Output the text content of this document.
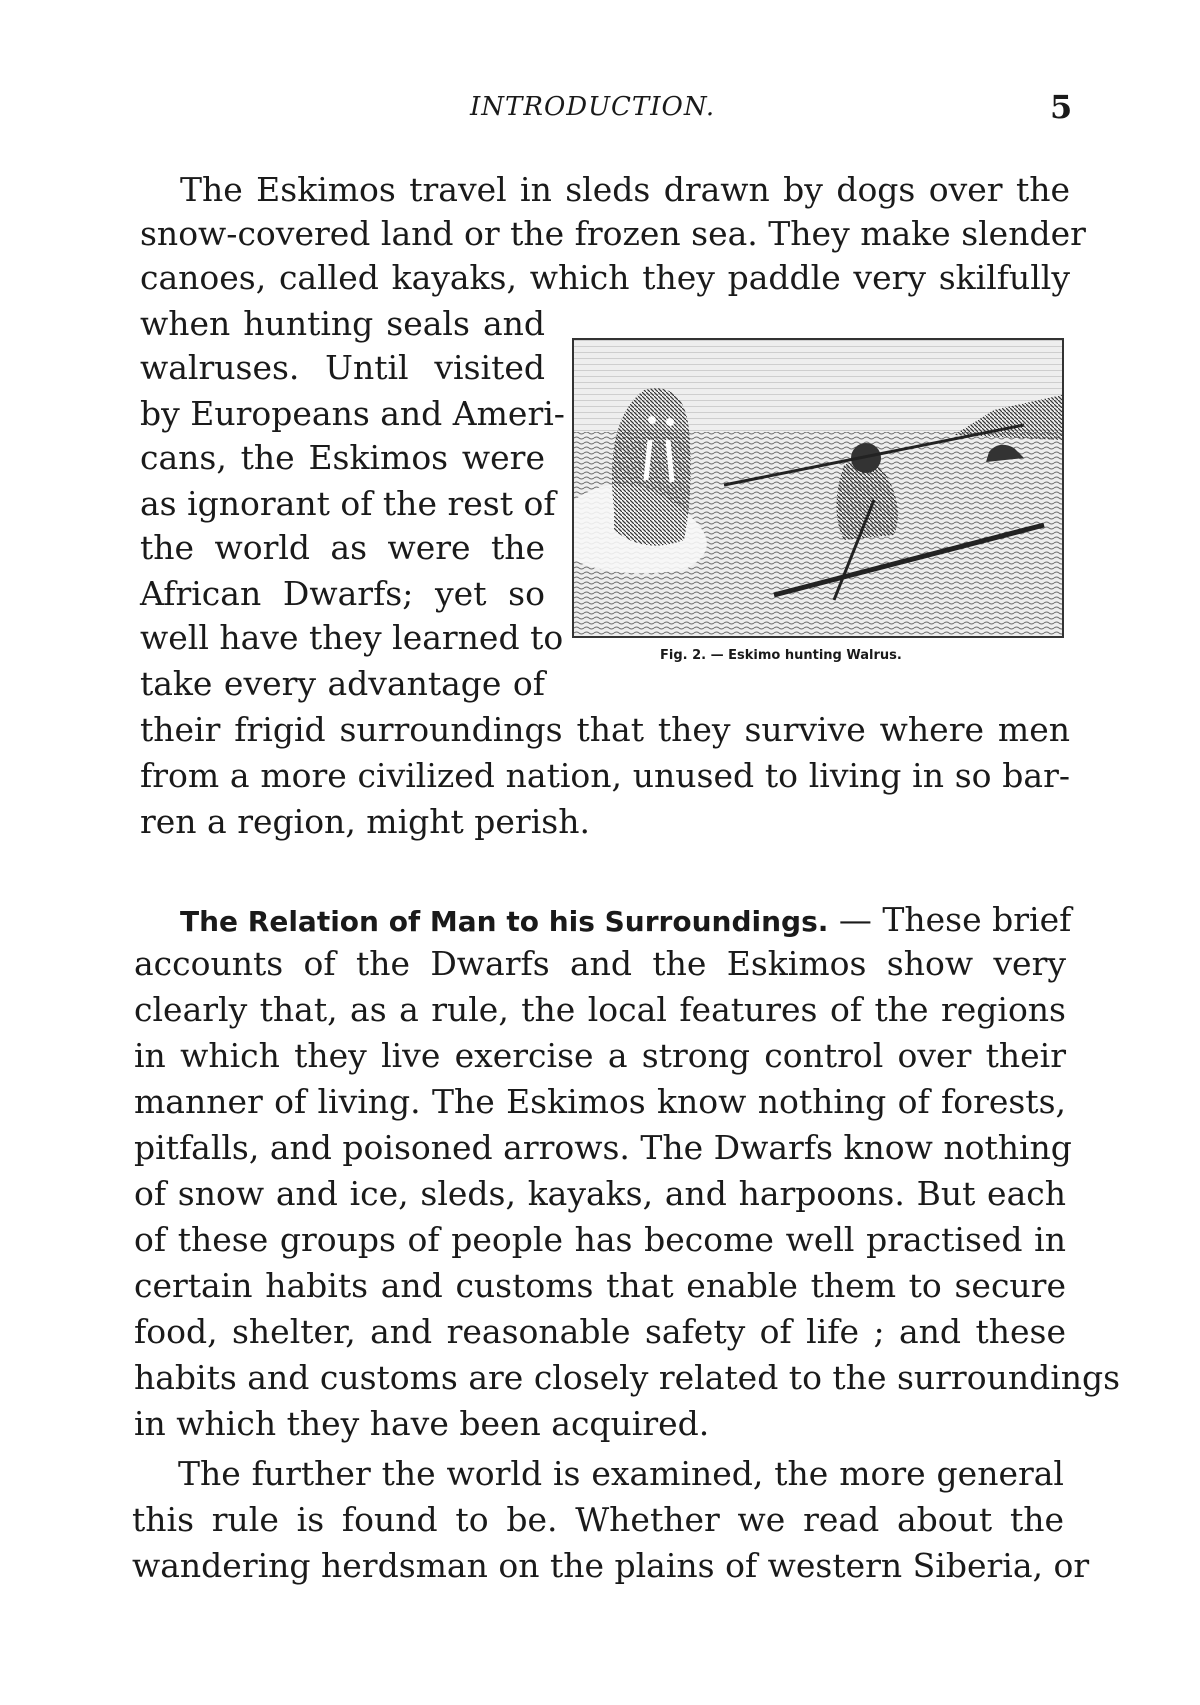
INTRODUCTION.	5
The Eskimos travel in sleds drawn by dogs over the
snow-covered land or the frozen sea. They make slender
canoes, called kayaks, which they paddle very skilfully
when hunting seals and
walruses. Until visited
by Europeans and Ameri-
cans, the Eskimos were
as ignorant of the rest of
the world as were the
African Dwarfs; yet so
well have they learned to
take every advantage of
their frigid surroundings that they survive where men
from a more civilized nation, unused to living in so bar-
ren a region, might perish.
Fig. 2. — Eskimo hunting Walrus.
The Relation of Man to his Surroundings. — These brief
accounts of the Dwarfs and the Eskimos show very
clearly that, as a rule, the local features of the regions
in which they live exercise a strong control over their
manner of living. The Eskimos know nothing of forests,
pitfalls, and poisoned arrows. The Dwarfs know nothing
of snow and ice, sleds, kayaks, and harpoons. But each
of these groups of people has become well practised in
certain habits and customs that enable them to secure
food, shelter, and reasonable safety of life ; and these
habits and customs are closely related to the surroundings
in which they have been acquired.
The further the world is examined, the more general
this rule is found to be. Whether we read about the
wandering herdsman on the plains of western Siberia, or
